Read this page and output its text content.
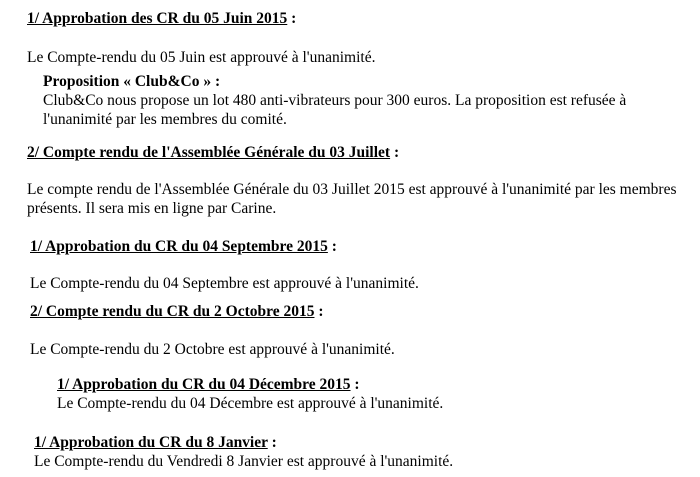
1/ Approbation des CR du 05 Juin 2015 :
Le Compte-rendu du 05 Juin est approuvé à l'unanimité.
Proposition « Club&Co » :
Club&Co nous propose un lot 480 anti-vibrateurs pour 300 euros. La proposition est refusée à l'unanimité par les membres du comité.
2/ Compte rendu de l'Assemblée Générale du 03 Juillet :
Le compte rendu de l'Assemblée Générale du 03 Juillet 2015 est approuvé à l'unanimité par les membres présents. Il sera mis en ligne par Carine.
1/ Approbation du CR du 04 Septembre 2015 :
Le Compte-rendu du 04 Septembre est approuvé à l'unanimité.
2/ Compte rendu du CR du 2 Octobre 2015 :
Le Compte-rendu du 2 Octobre est approuvé à l'unanimité.
1/ Approbation du CR du 04 Décembre 2015 :
Le Compte-rendu du 04 Décembre est approuvé à l'unanimité.
1/ Approbation du CR du 8 Janvier :
Le Compte-rendu du Vendredi 8 Janvier est approuvé à l'unanimité.
